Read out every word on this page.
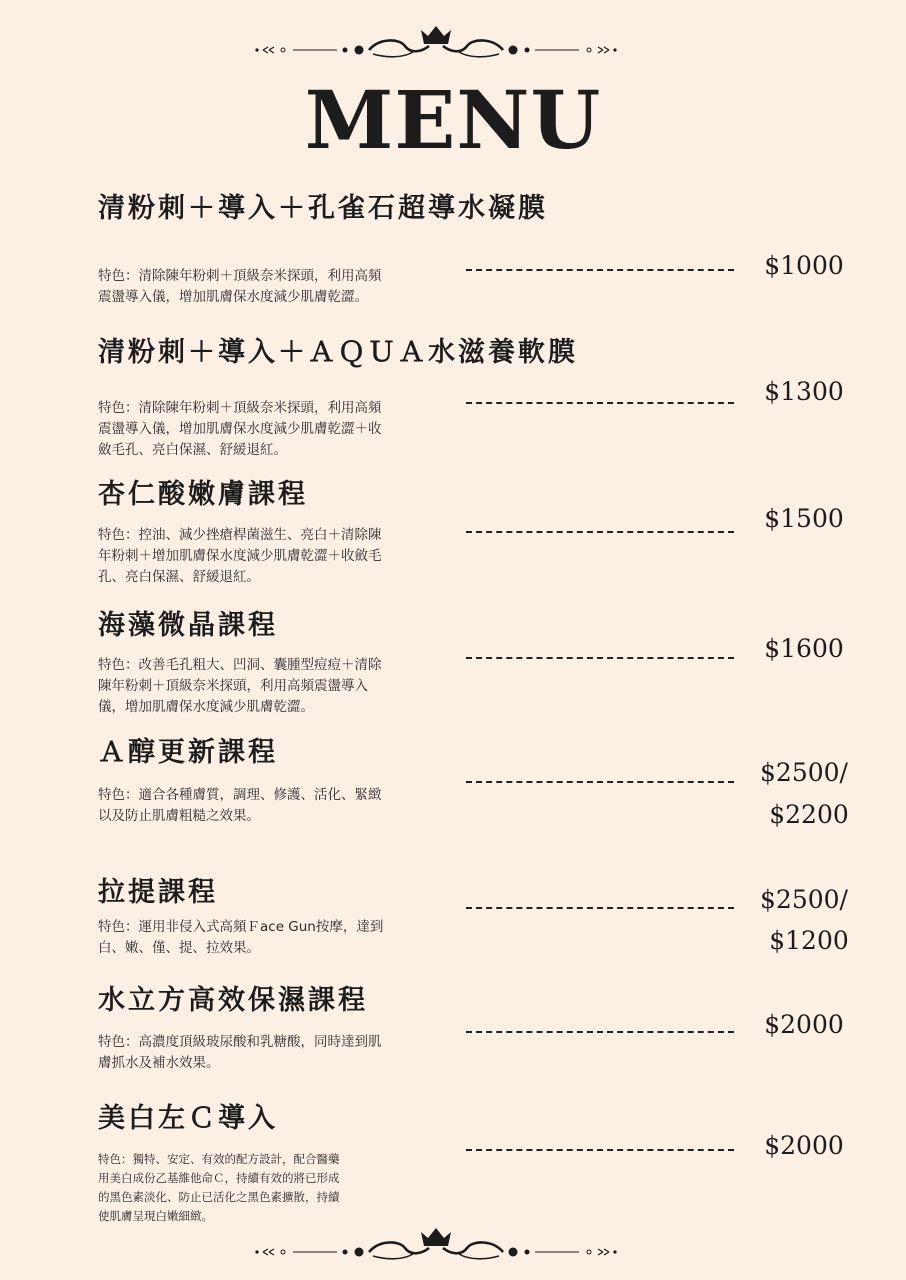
MENU

清粉刺＋導入＋孔雀石超導水凝膜

特色：清除陳年粉刺＋頂級奈米探頭，利用高頻震盪導入儀，增加肌膚保水度減少肌膚乾澀。

$1000

清粉刺＋導入＋ＡＱＵＡ水滋養軟膜

特色：清除陳年粉刺＋頂級奈米探頭，利用高頻震盪導入儀，增加肌膚保水度減少肌膚乾澀＋收斂毛孔、亮白保濕、舒緩退紅。

$1300

杏仁酸嫩膚課程

特色：控油、減少挫瘡桿菌滋生、亮白＋清除陳年粉刺＋增加肌膚保水度減少肌膚乾澀＋收斂毛孔、亮白保濕、舒緩退紅。

$1500

海藻微晶課程

特色：改善毛孔粗大、凹洞、囊腫型痘痘＋清除陳年粉刺＋頂級奈米探頭，利用高頻震盪導入儀，增加肌膚保水度減少肌膚乾澀。

$1600

Ａ醇更新課程

特色：適合各種膚質，調理、修護、活化、緊緻以及防止肌膚粗糙之效果。

$2500/
$2200

拉提課程

特色：運用非侵入式高頻Ｆace Gun按摩，達到白、嫩、僅、提、拉效果。

$2500/
$1200

水立方高效保濕課程

特色：高濃度頂級玻尿酸和乳糖酸，同時達到肌膚抓水及補水效果。

$2000

美白左Ｃ導入

特色：獨特、安定、有效的配方設計，配合醫藥用美白成份乙基維他命Ｃ，持續有效的將已形成的黑色素淡化、防止已活化之黑色素擴散，持續使肌膚呈現白嫩細緻。

$2000
